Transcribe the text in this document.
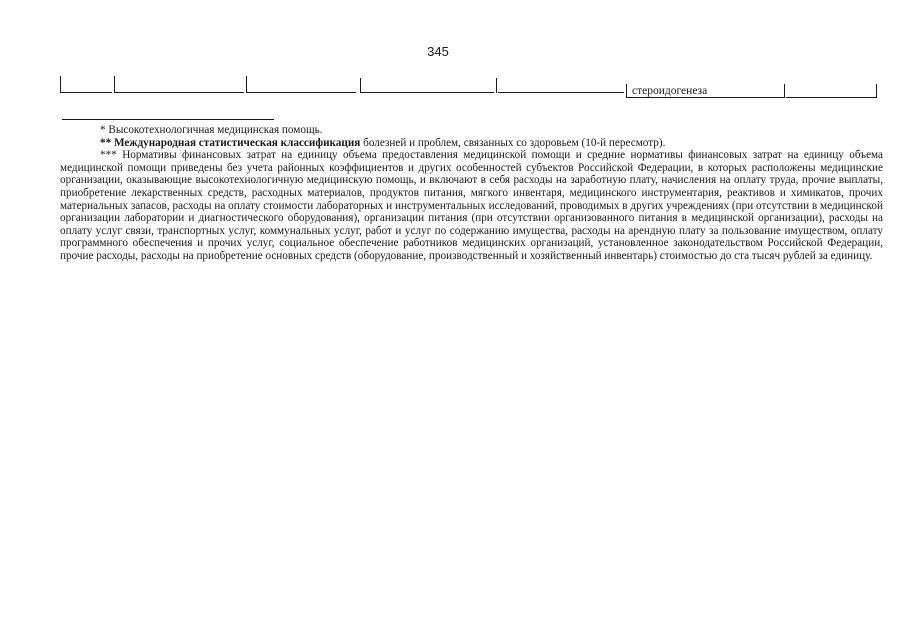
345
стероидогенеза

* Высокотехнологичная медицинская помощь.

** Международная статистическая классификация болезней и проблем, связанных со здоровьем (10-й пересмотр).

*** Нормативы финансовых затрат на единицу объема предоставления медицинской помощи и средние нормативы финансовых затрат на единицу объема медицинской помощи приведены без учета районных коэффициентов и других особенностей субъектов Российской Федерации, в которых расположены медицинские организации, оказывающие высокотехнологичную медицинскую помощь, и включают в себя расходы на заработную плату, начисления на оплату труда, прочие выплаты, приобретение лекарственных средств, расходных материалов, продуктов питания, мягкого инвентаря, медицинского инструментария, реактивов и химикатов, прочих материальных запасов, расходы на оплату стоимости лабораторных и инструментальных исследований, проводимых в других учреждениях (при отсутствии в медицинской организации лаборатории и диагностического оборудования), организации питания (при отсутствии организованного питания в медицинской организации), расходы на оплату услуг связи, транспортных услуг, коммунальных услуг, работ и услуг по содержанию имущества, расходы на арендную плату за пользование имуществом, оплату программного обеспечения и прочих услуг, социальное обеспечение работников медицинских организаций, установленное законодательством Российской Федерации, прочие расходы, расходы на приобретение основных средств (оборудование, производственный и хозяйственный инвентарь) стоимостью до ста тысяч рублей за единицу.
